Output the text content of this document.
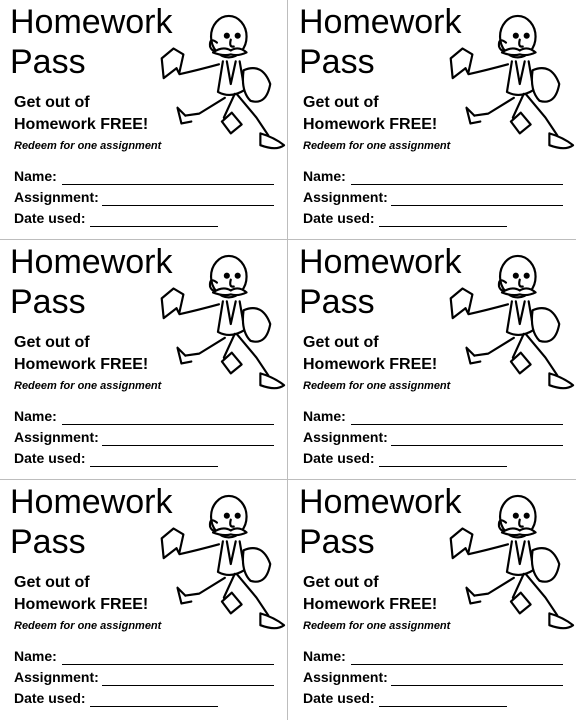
Homework
Pass

Get out of
Homework FREE!

Redeem for one assignment
Name:
Assignment:
Date used:
Homework
Pass

Get out of
Homework FREE!

Redeem for one assignment
Name:
Assignment:
Date used:
Homework
Pass

Get out of
Homework FREE!

Redeem for one assignment
Name:
Assignment:
Date used:
Homework
Pass

Get out of
Homework FREE!

Redeem for one assignment
Name:
Assignment:
Date used:
Homework
Pass

Get out of
Homework FREE!

Redeem for one assignment
Name:
Assignment:
Date used:
Homework
Pass

Get out of
Homework FREE!

Redeem for one assignment
Name:
Assignment:
Date used:
